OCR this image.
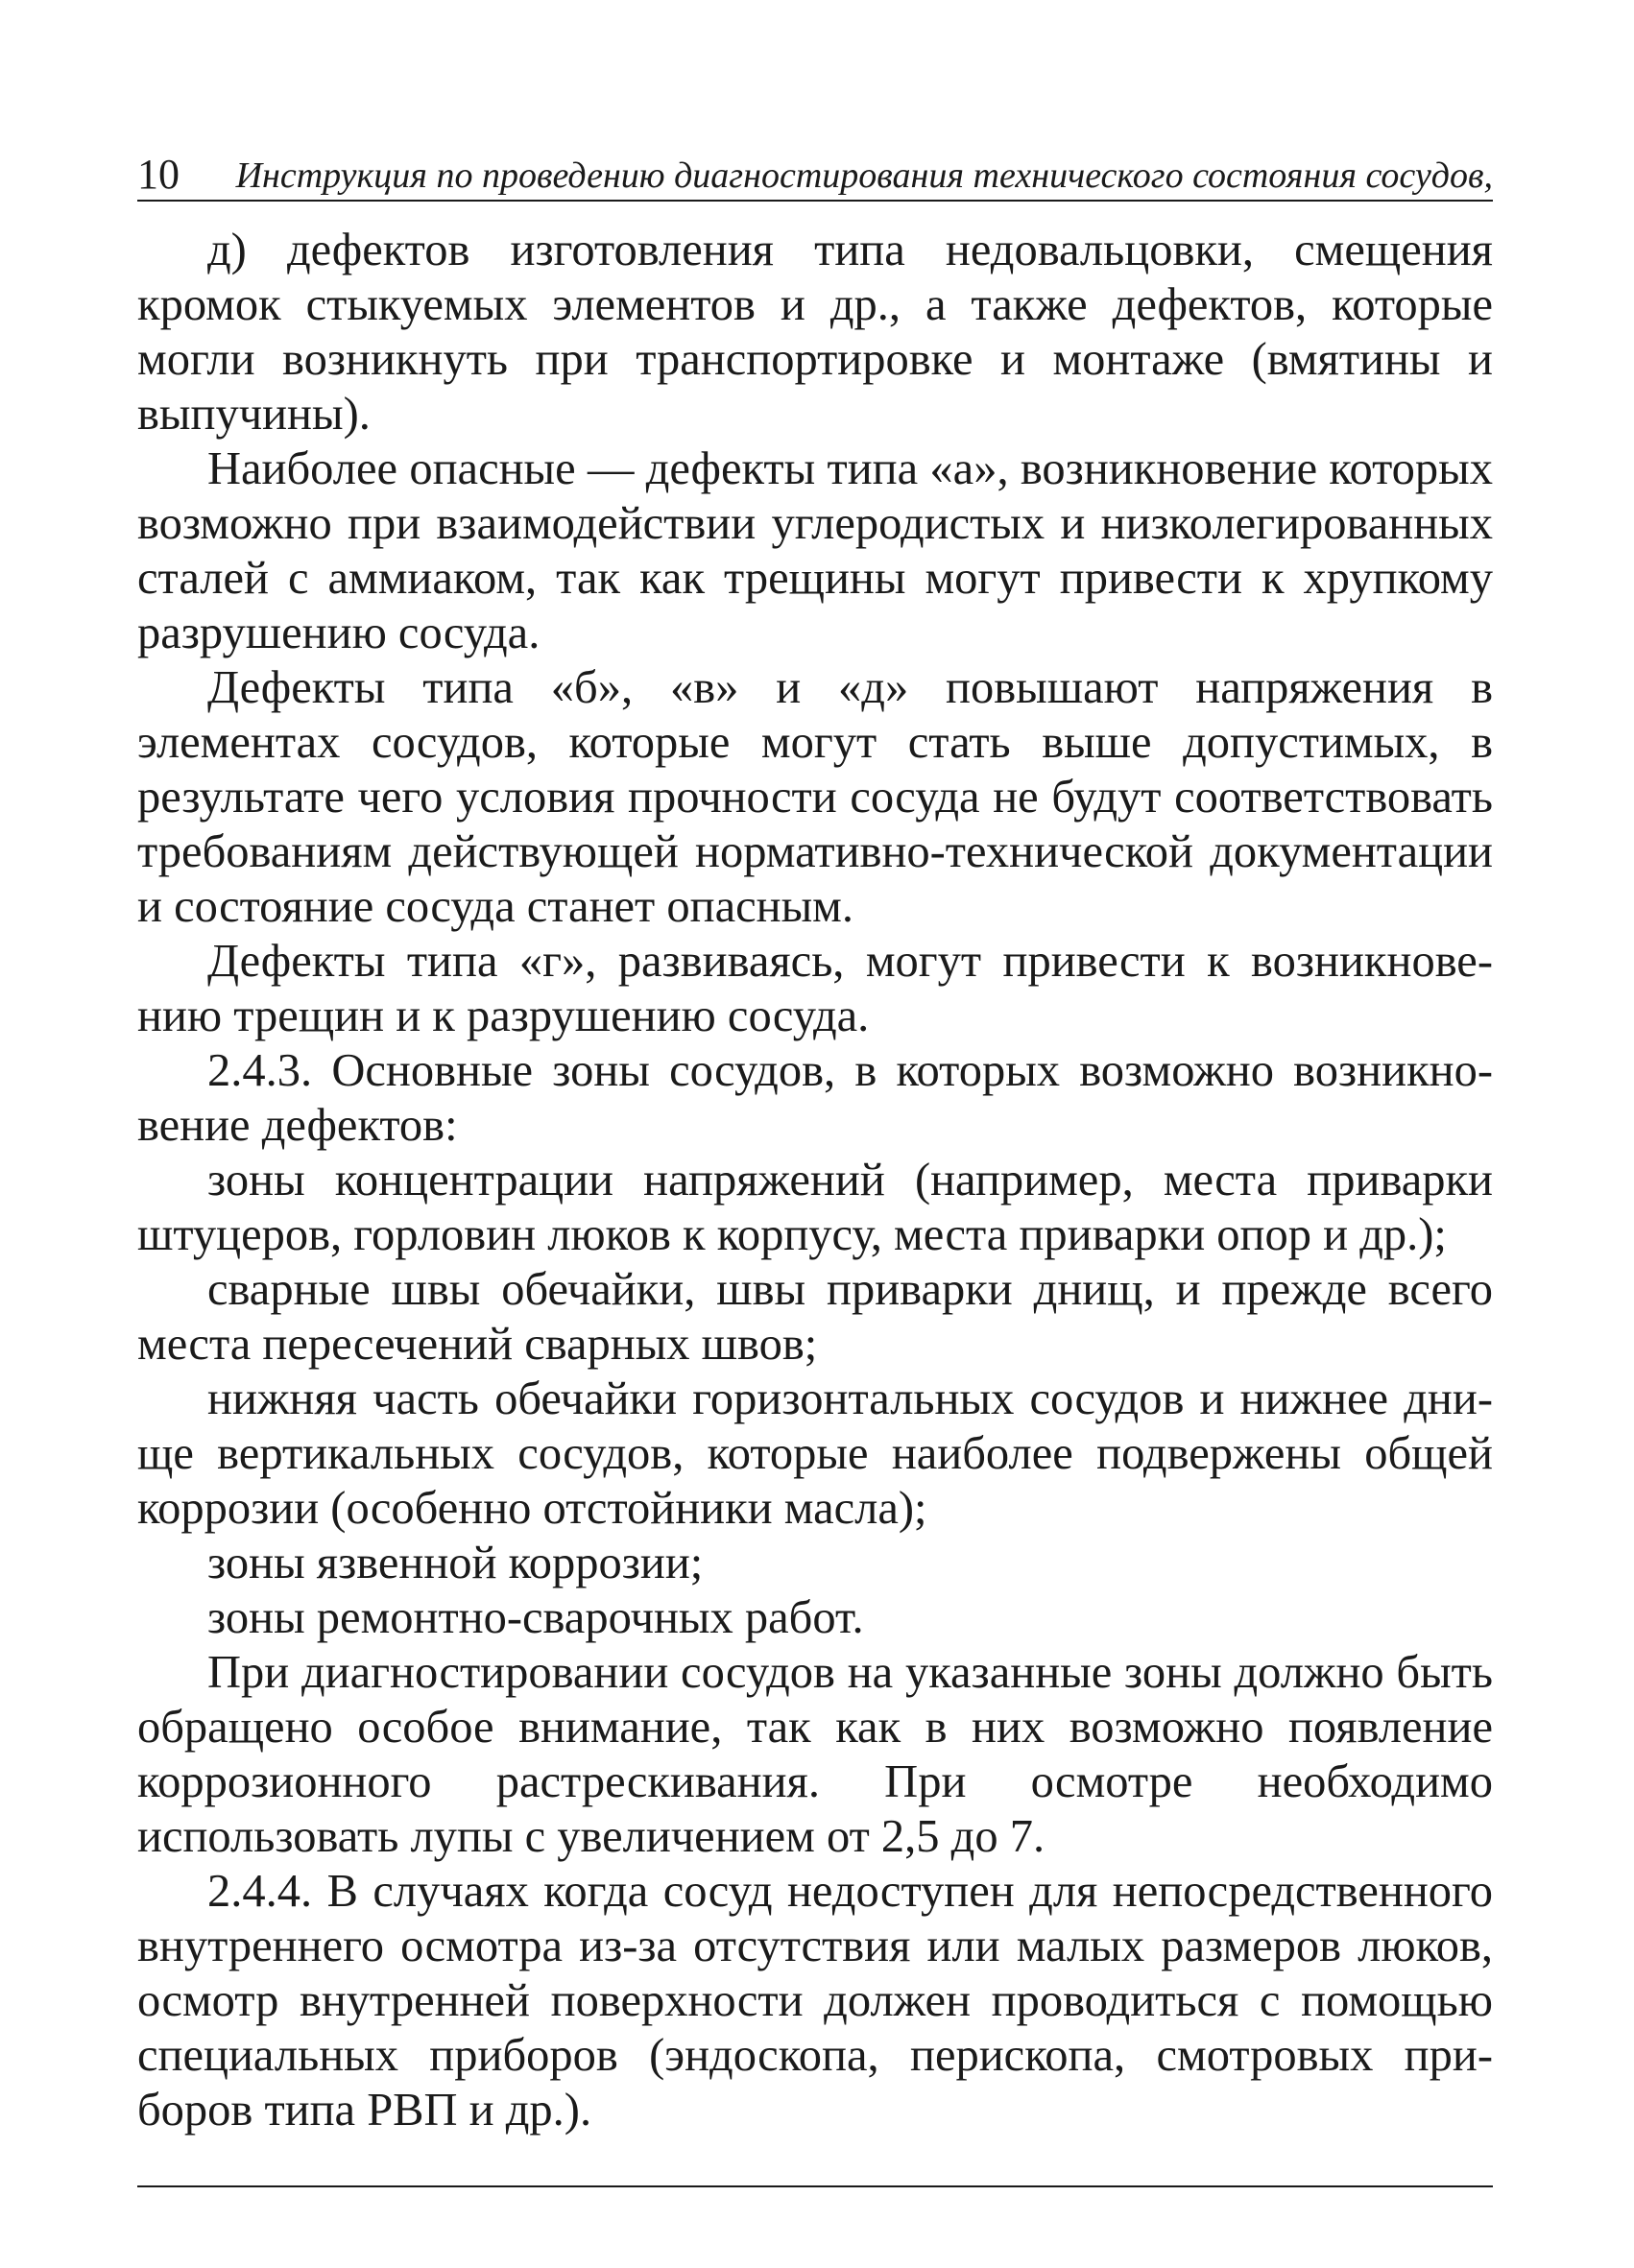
10 Инструкция по проведению диагностирования технического состояния сосудов,

д) дефектов изготовления типа недовальцовки, смещения кромок стыкуемых элементов и др., а также дефектов, которые могли возникнуть при транспортировке и монтаже (вмятины и выпучины).

Наиболее опасные — дефекты типа «а», возникновение которых возможно при взаимодействии углеродистых и низколегированных сталей с аммиаком, так как трещины могут привести к хрупкому разрушению сосуда.

Дефекты типа «б», «в» и «д» повышают напряжения в элементах сосудов, которые могут стать выше допустимых, в результате чего условия прочности сосуда не будут соответствовать требованиям действующей нормативно-технической документации и состояние сосуда станет опасным.

Дефекты типа «г», развиваясь, могут привести к возникновению трещин и к разрушению сосуда.

2.4.3. Основные зоны сосудов, в которых возможно возникновение дефектов:

зоны концентрации напряжений (например, места приварки штуцеров, горловин люков к корпусу, места приварки опор и др.);

сварные швы обечайки, швы приварки днищ, и прежде всего места пересечений сварных швов;

нижняя часть обечайки горизонтальных сосудов и нижнее днище вертикальных сосудов, которые наиболее подвержены общей коррозии (особенно отстойники масла);

зоны язвенной коррозии;

зоны ремонтно-сварочных работ.

При диагностировании сосудов на указанные зоны должно быть обращено особое внимание, так как в них возможно появление коррозионного растрескивания. При осмотре необходимо использовать лупы с увеличением от 2,5 до 7.

2.4.4. В случаях когда сосуд недоступен для непосредственного внутреннего осмотра из-за отсутствия или малых размеров люков, осмотр внутренней поверхности должен проводиться с помощью специальных приборов (эндоскопа, перископа, смотровых приборов типа РВП и др.).
